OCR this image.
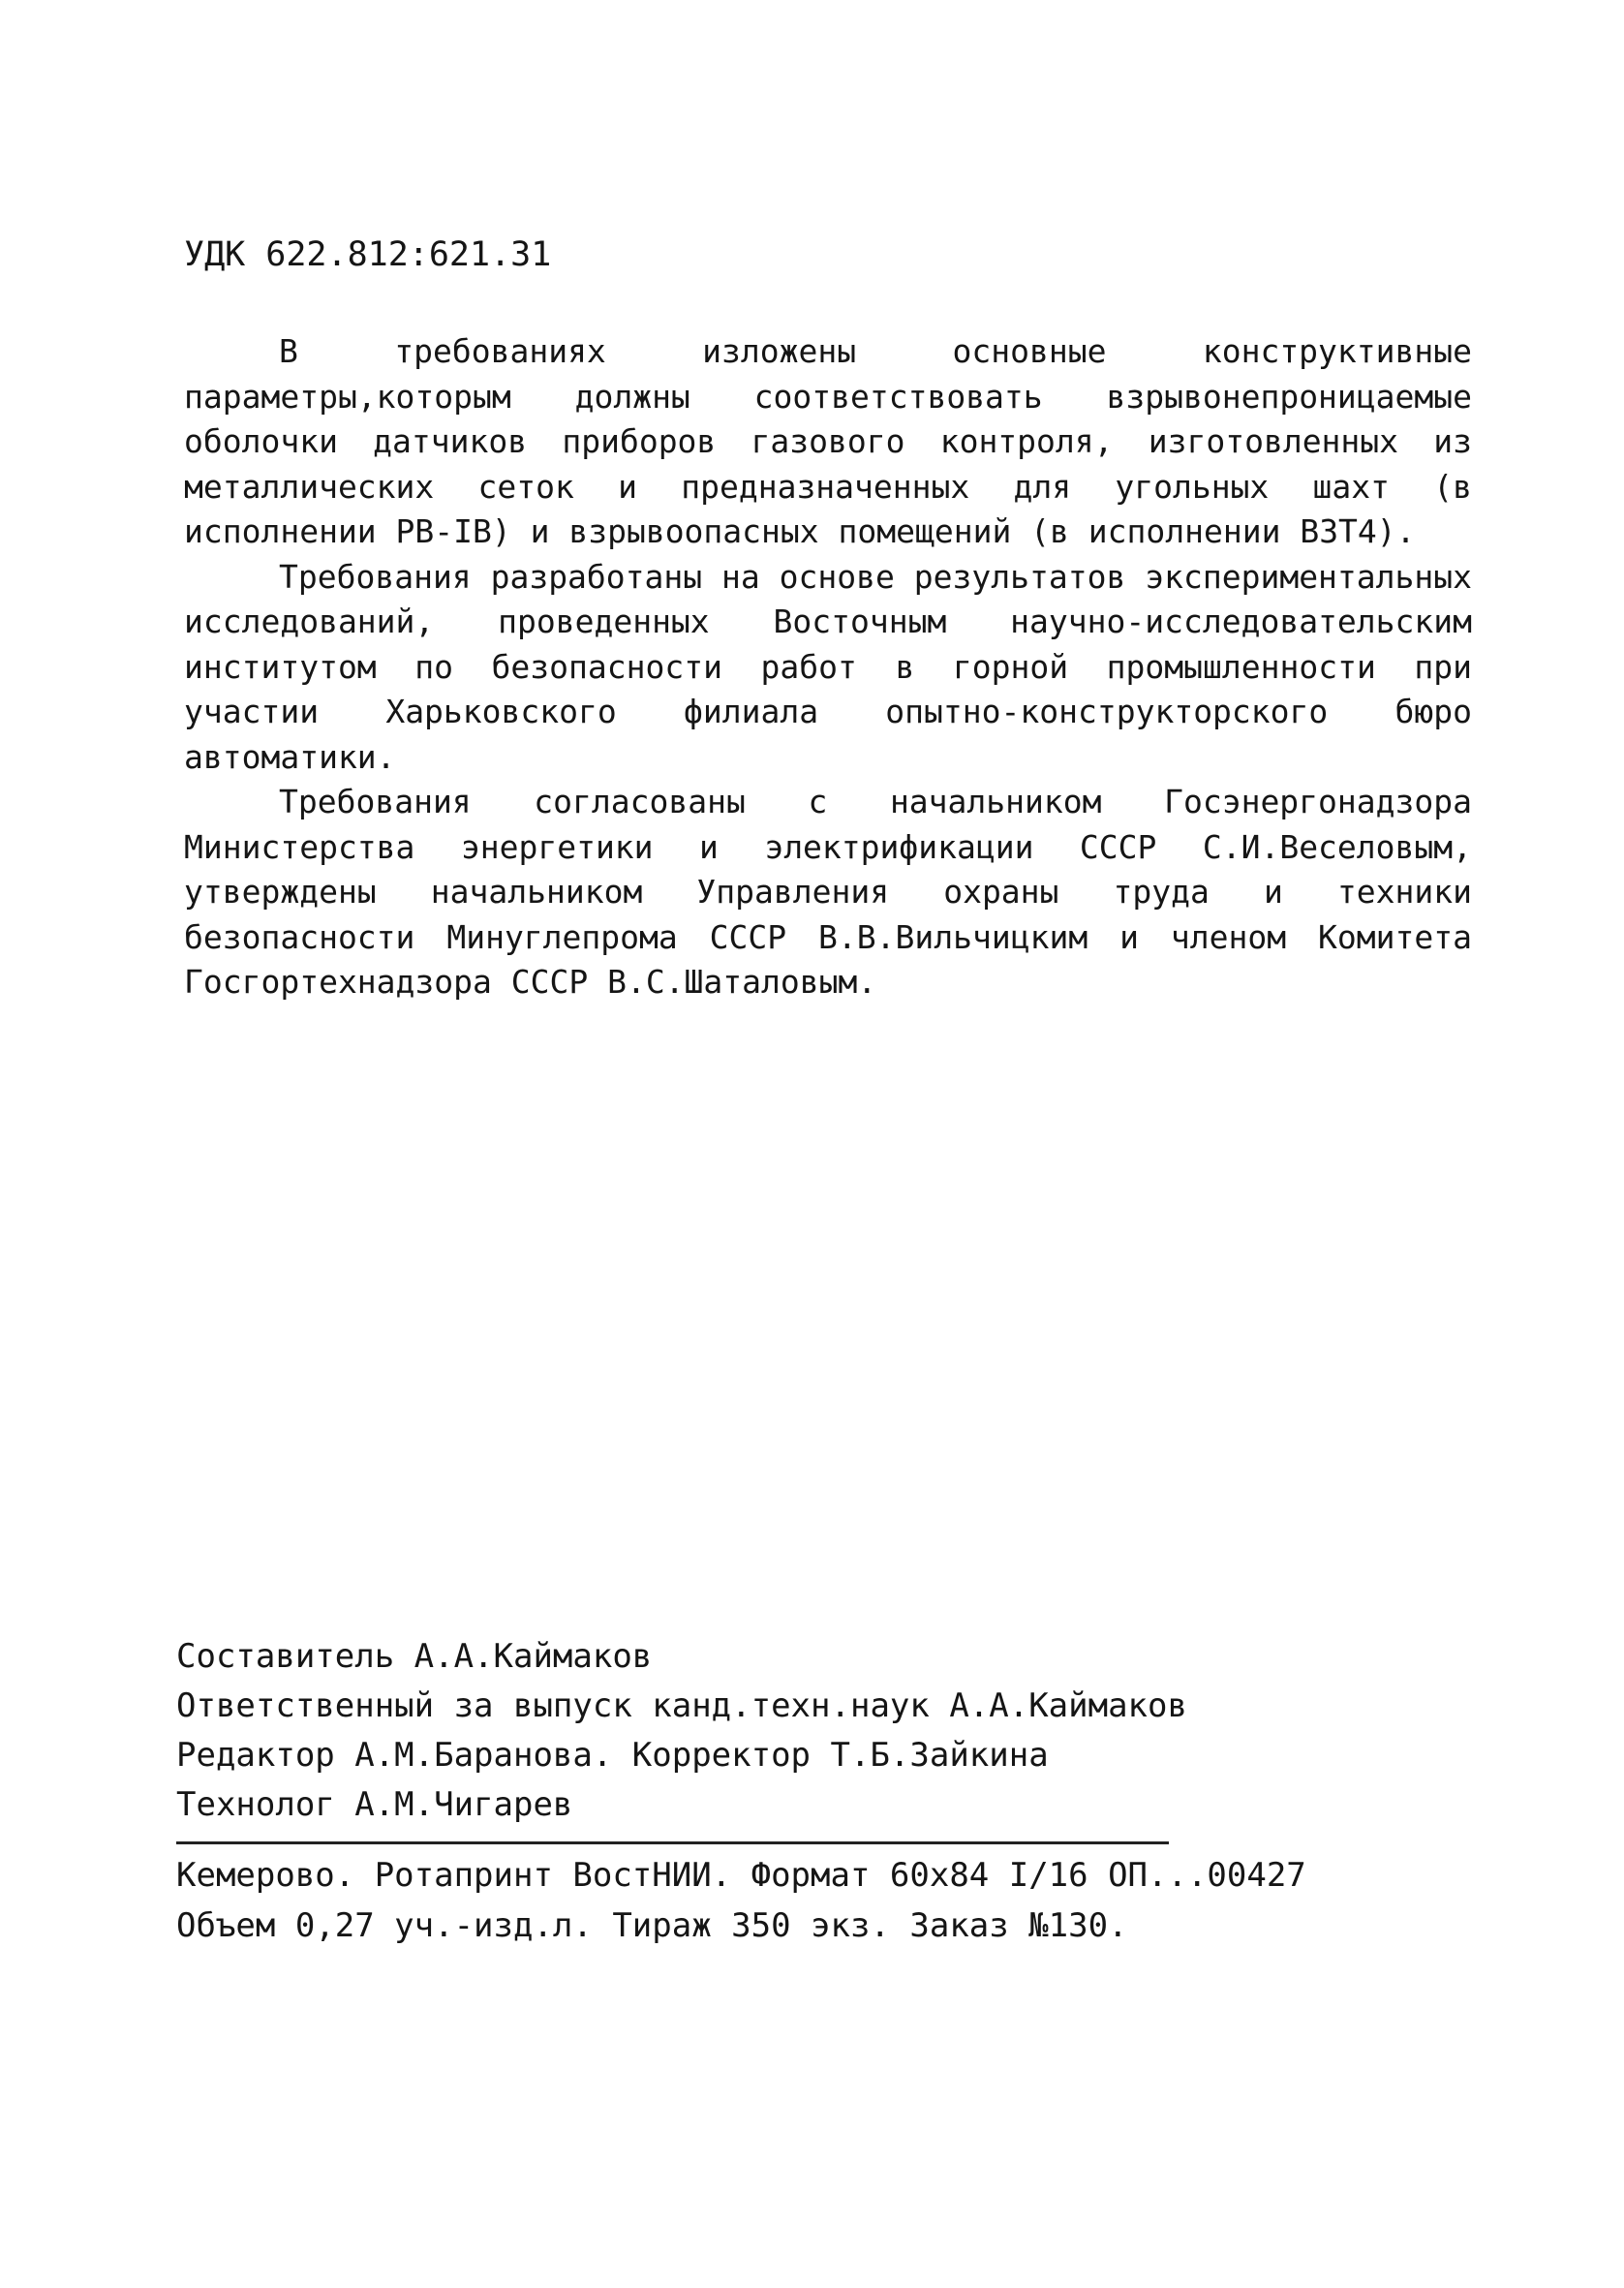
УДК 622.812:621.31

В требованиях изложены основные конструктивные параметры,которым должны соответствовать взрывонепроницаемые оболочки датчиков приборов газового контроля, изготовленных из металлических сеток и предназначенных для угольных шахт (в исполнении РВ-IВ) и взрывоопасных помещений (в исполнении ВЗТ4).

Требования разработаны на основе результатов экспериментальных исследований, проведенных Восточным научно-исследовательским институтом по безопасности работ в горной промышленности при участии Харьковского филиала опытно-конструкторского бюро автоматики.

Требования согласованы с начальником Госэнергонадзора Министерства энергетики и электрификации СССР С.И.Веселовым, утверждены начальником Управления охраны труда и техники безопасности Минуглепрома СССР В.В.Вильчицким и членом Комитета Госгортехнадзора СССР В.С.Шаталовым.

Составитель А.А.Каймаков
Ответственный за выпуск канд.техн.наук А.А.Каймаков
Редактор А.М.Баранова. Корректор Т.Б.Зайкина
Технолог А.М.Чигарев
Кемерово. Ротапринт ВостНИИ. Формат 60х84 I/16 ОП...00427
Объем 0,27 уч.-изд.л. Тираж 350 экз. Заказ №130.
